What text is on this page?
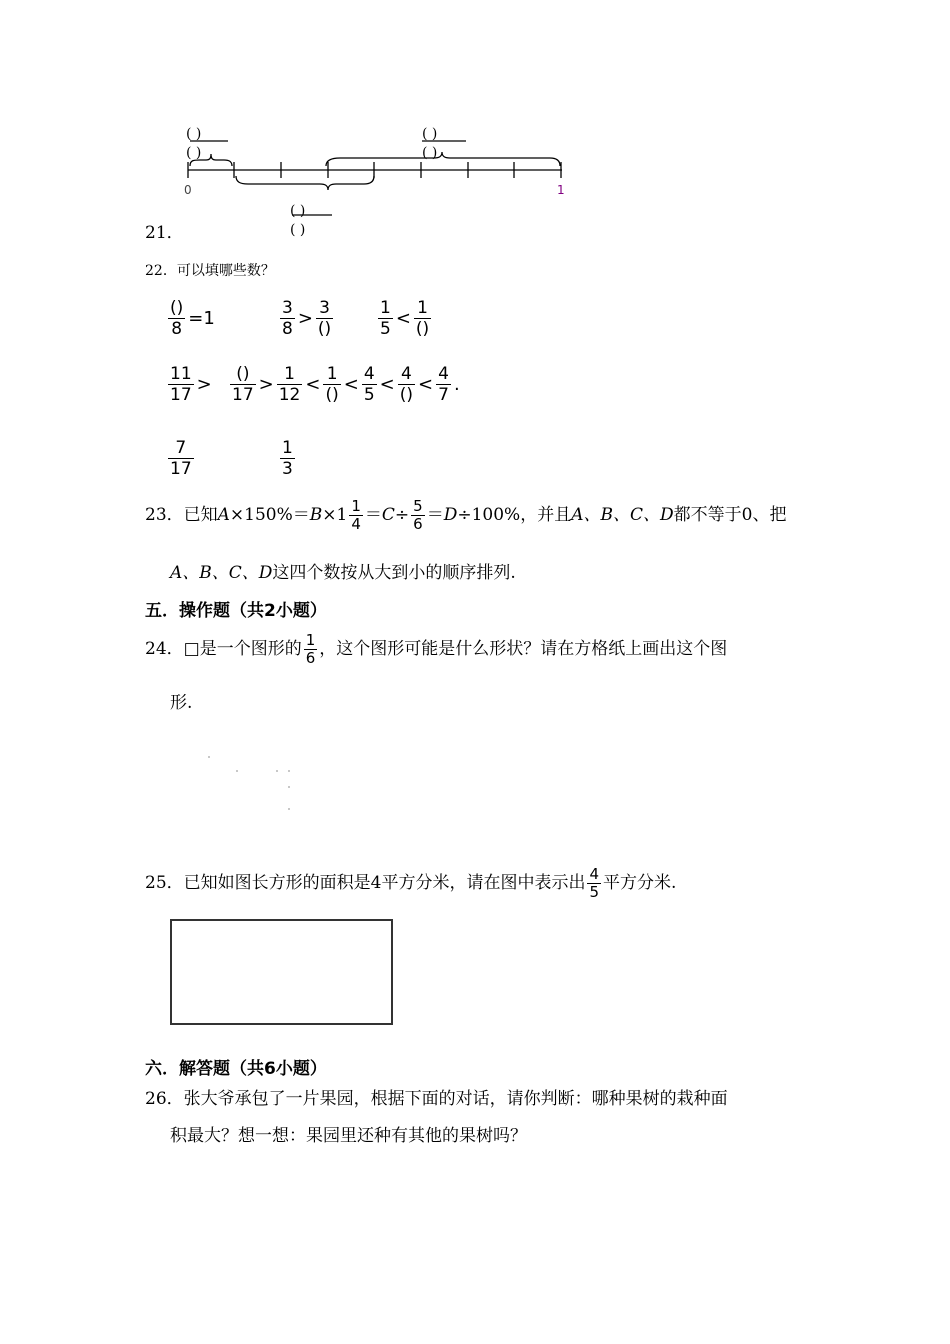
( )
( )
( )
( )
( )
( )
0	1
21．
22．可以填哪些数？
$\frac{()}{8} =1$	$\frac{3}{8} > \frac{3}{()}$	$\frac{1}{5} < \frac{1}{()}$
$\frac{11}{17} > \frac{()}{17} > \frac{1}{12} < \frac{1}{()} < \frac{4}{5} < \frac{4}{()} < \frac{4}{7}$ .
$\frac{7}{17}$	$\frac{1}{3}$
23．已知$A\times 150\%=B\times 1 \frac{1}{4} =C\div \frac{5}{6} =D\div 100\%$，并且A、B、C、D都不等于0、把
A、B、C、D这四个数按从大到小的顺序排列.
五．操作题（共2小题）
24．□是一个图形的 $\frac{1}{6}$ ，这个图形可能是什么形状？请在方格纸上画出这个图
形.
25．已知如图长方形的面积是4平方分米，请在图中表示出 $\frac{4}{5}$ 平方分米.
六．解答题（共6小题）
26．张大爷承包了一片果园，根据下面的对话，请你判断：哪种果树的栽种面
积最大？想一想：果园里还种有其他的果树吗？
